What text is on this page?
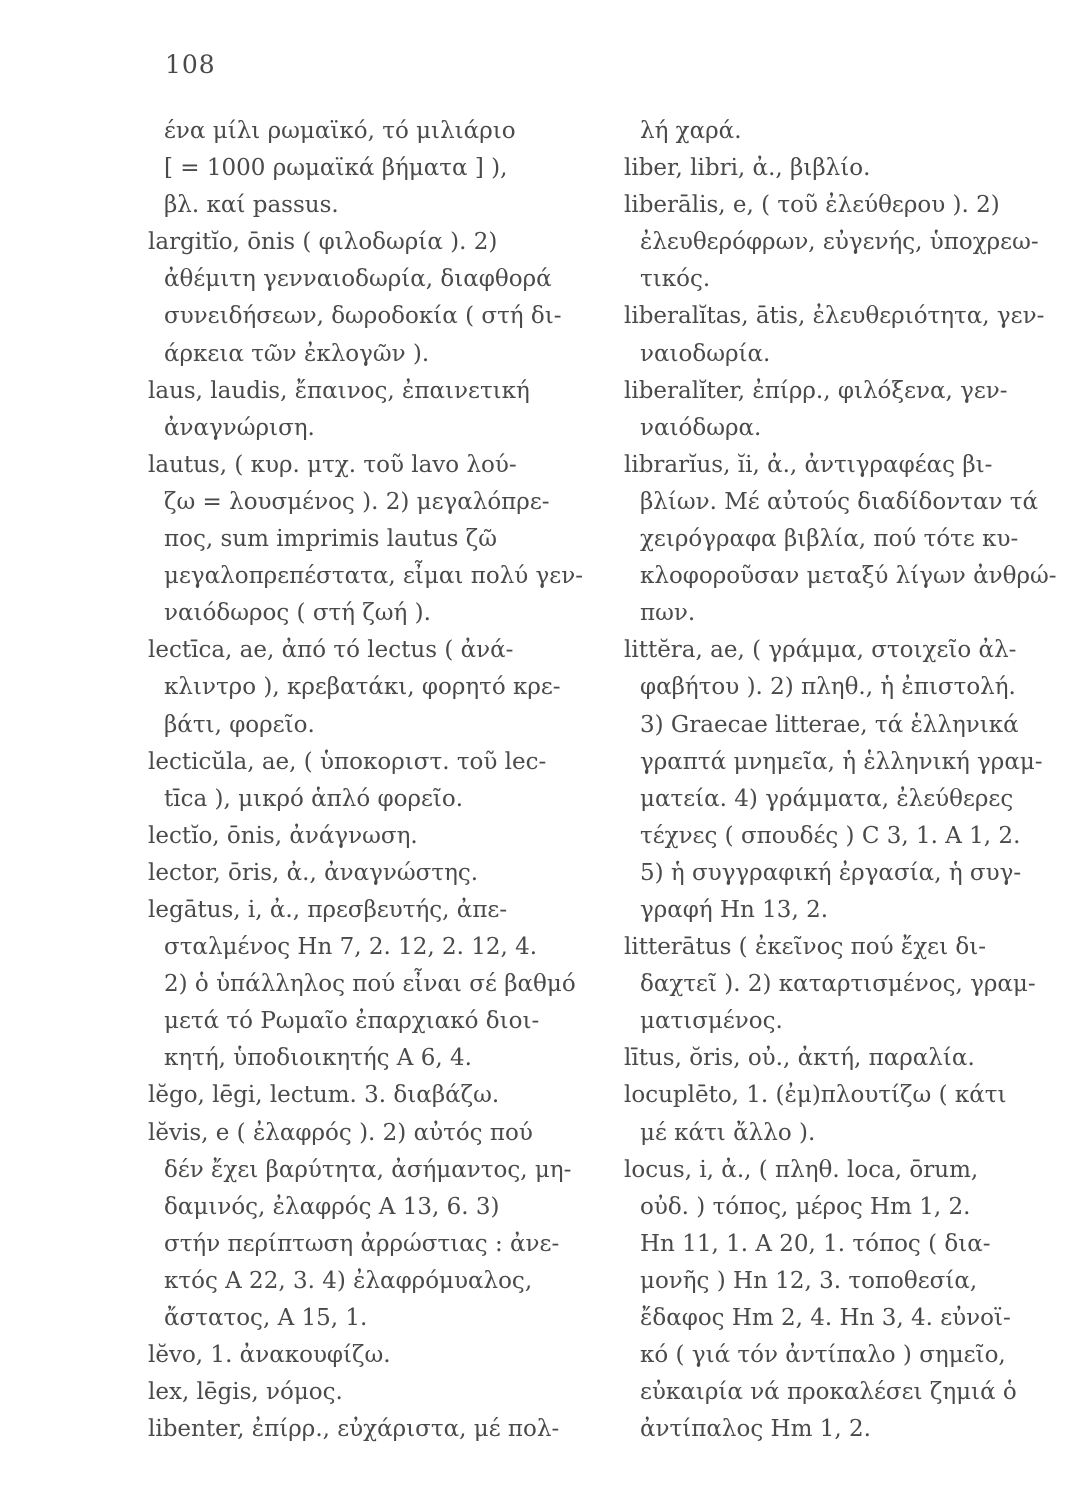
108
ένα μίλι ρωμαϊκό, τό μιλιάριο
[ = 1000 ρωμαϊκά βήματα ] ),
βλ. καί passus.
largitĭo, ōnis ( φιλοδωρία ). 2)
ἀθέμιτη γενναιοδωρία, διαφθορά
συνειδήσεων, δωροδοκία ( στή δι-
άρκεια τῶν ἐκλογῶν ).
laus, laudis, ἔπαινος, ἐπαινετική
ἀναγνώριση.
lautus, ( κυρ. μτχ. τοῦ lavo λού-
ζω = λουσμένος ). 2) μεγαλόπρε-
πος, sum imprimis lautus ζῶ
μεγαλοπρεπέστατα, εἶμαι πολύ γεν-
ναιόδωρος ( στή ζωή ).
lectīca, ae, ἀπό τό lectus ( ἀνά-
κλιντρο ), κρεβατάκι, φορητό κρε-
βάτι, φορεῖο.
lecticŭla, ae, ( ὑποκοριστ. τοῦ lec-
tīca ), μικρό ἁπλό φορεῖο.
lectĭo, ōnis, ἀνάγνωση.
lector, ōris, ἀ., ἀναγνώστης.
legātus, i, ἀ., πρεσβευτής, ἀπε-
σταλμένος Hn 7, 2. 12, 2. 12, 4.
2) ὁ ὑπάλληλος πού εἶναι σέ βαθμό
μετά τό Ρωμαῖο ἐπαρχιακό διοι-
κητή, ὑποδιοικητής A 6, 4.
lĕgo, lēgi, lectum. 3. διαβάζω.
lĕvis, e ( ἐλαφρός ). 2) αὐτός πού
δέν ἔχει βαρύτητα, ἀσήμαντος, μη-
δαμινός, ἐλαφρός A 13, 6. 3)
στήν περίπτωση ἀρρώστιας : ἀνε-
κτός A 22, 3. 4) ἐλαφρόμυαλος,
ἄστατος, A 15, 1.
lĕvo, 1. ἀνακουφίζω.
lex, lēgis, νόμος.
libenter, ἐπίρρ., εὐχάριστα, μέ πολ-
λή χαρά.
liber, libri, ἀ., βιβλίο.
liberālis, e, ( τοῦ ἐλεύθερου ). 2)
ἐλευθερόφρων, εὐγενής, ὑποχρεω-
τικός.
liberalĭtas, ātis, ἐλευθεριότητα, γεν-
ναιοδωρία.
liberalĭter, ἐπίρρ., φιλόξενα, γεν-
ναιόδωρα.
librarĭus, ĭi, ἀ., ἀντιγραφέας βι-
βλίων. Μέ αὐτούς διαδίδονταν τά
χειρόγραφα βιβλία, πού τότε κυ-
κλοφοροῦσαν μεταξύ λίγων ἀνθρώ-
πων.
littĕra, ae, ( γράμμα, στοιχεῖο ἀλ-
φαβήτου ). 2) πληθ., ἡ ἐπιστολή.
3) Graecae litterae, τά ἑλληνικά
γραπτά μνημεῖα, ἡ ἑλληνική γραμ-
ματεία. 4) γράμματα, ἐλεύθερες
τέχνες ( σπουδές ) C 3, 1. A 1, 2.
5) ἡ συγγραφική ἐργασία, ἡ συγ-
γραφή Hn 13, 2.
litterātus ( ἐκεῖνος πού ἔχει δι-
δαχτεῖ ). 2) καταρτισμένος, γραμ-
ματισμένος.
lītus, ŏris, οὐ., ἀκτή, παραλία.
locuplēto, 1. (ἐμ)πλουτίζω ( κάτι
μέ κάτι ἄλλο ).
locus, i, ἀ., ( πληθ. loca, ōrum,
οὐδ. ) τόπος, μέρος Hm 1, 2.
Hn 11, 1. A 20, 1. τόπος ( δια-
μονῆς ) Hn 12, 3. τοποθεσία,
ἔδαφος Hm 2, 4. Hn 3, 4. εὐνοϊ-
κό ( γιά τόν ἀντίπαλο ) σημεῖο,
εὐκαιρία νά προκαλέσει ζημιά ὁ
ἀντίπαλος Hm 1, 2.
